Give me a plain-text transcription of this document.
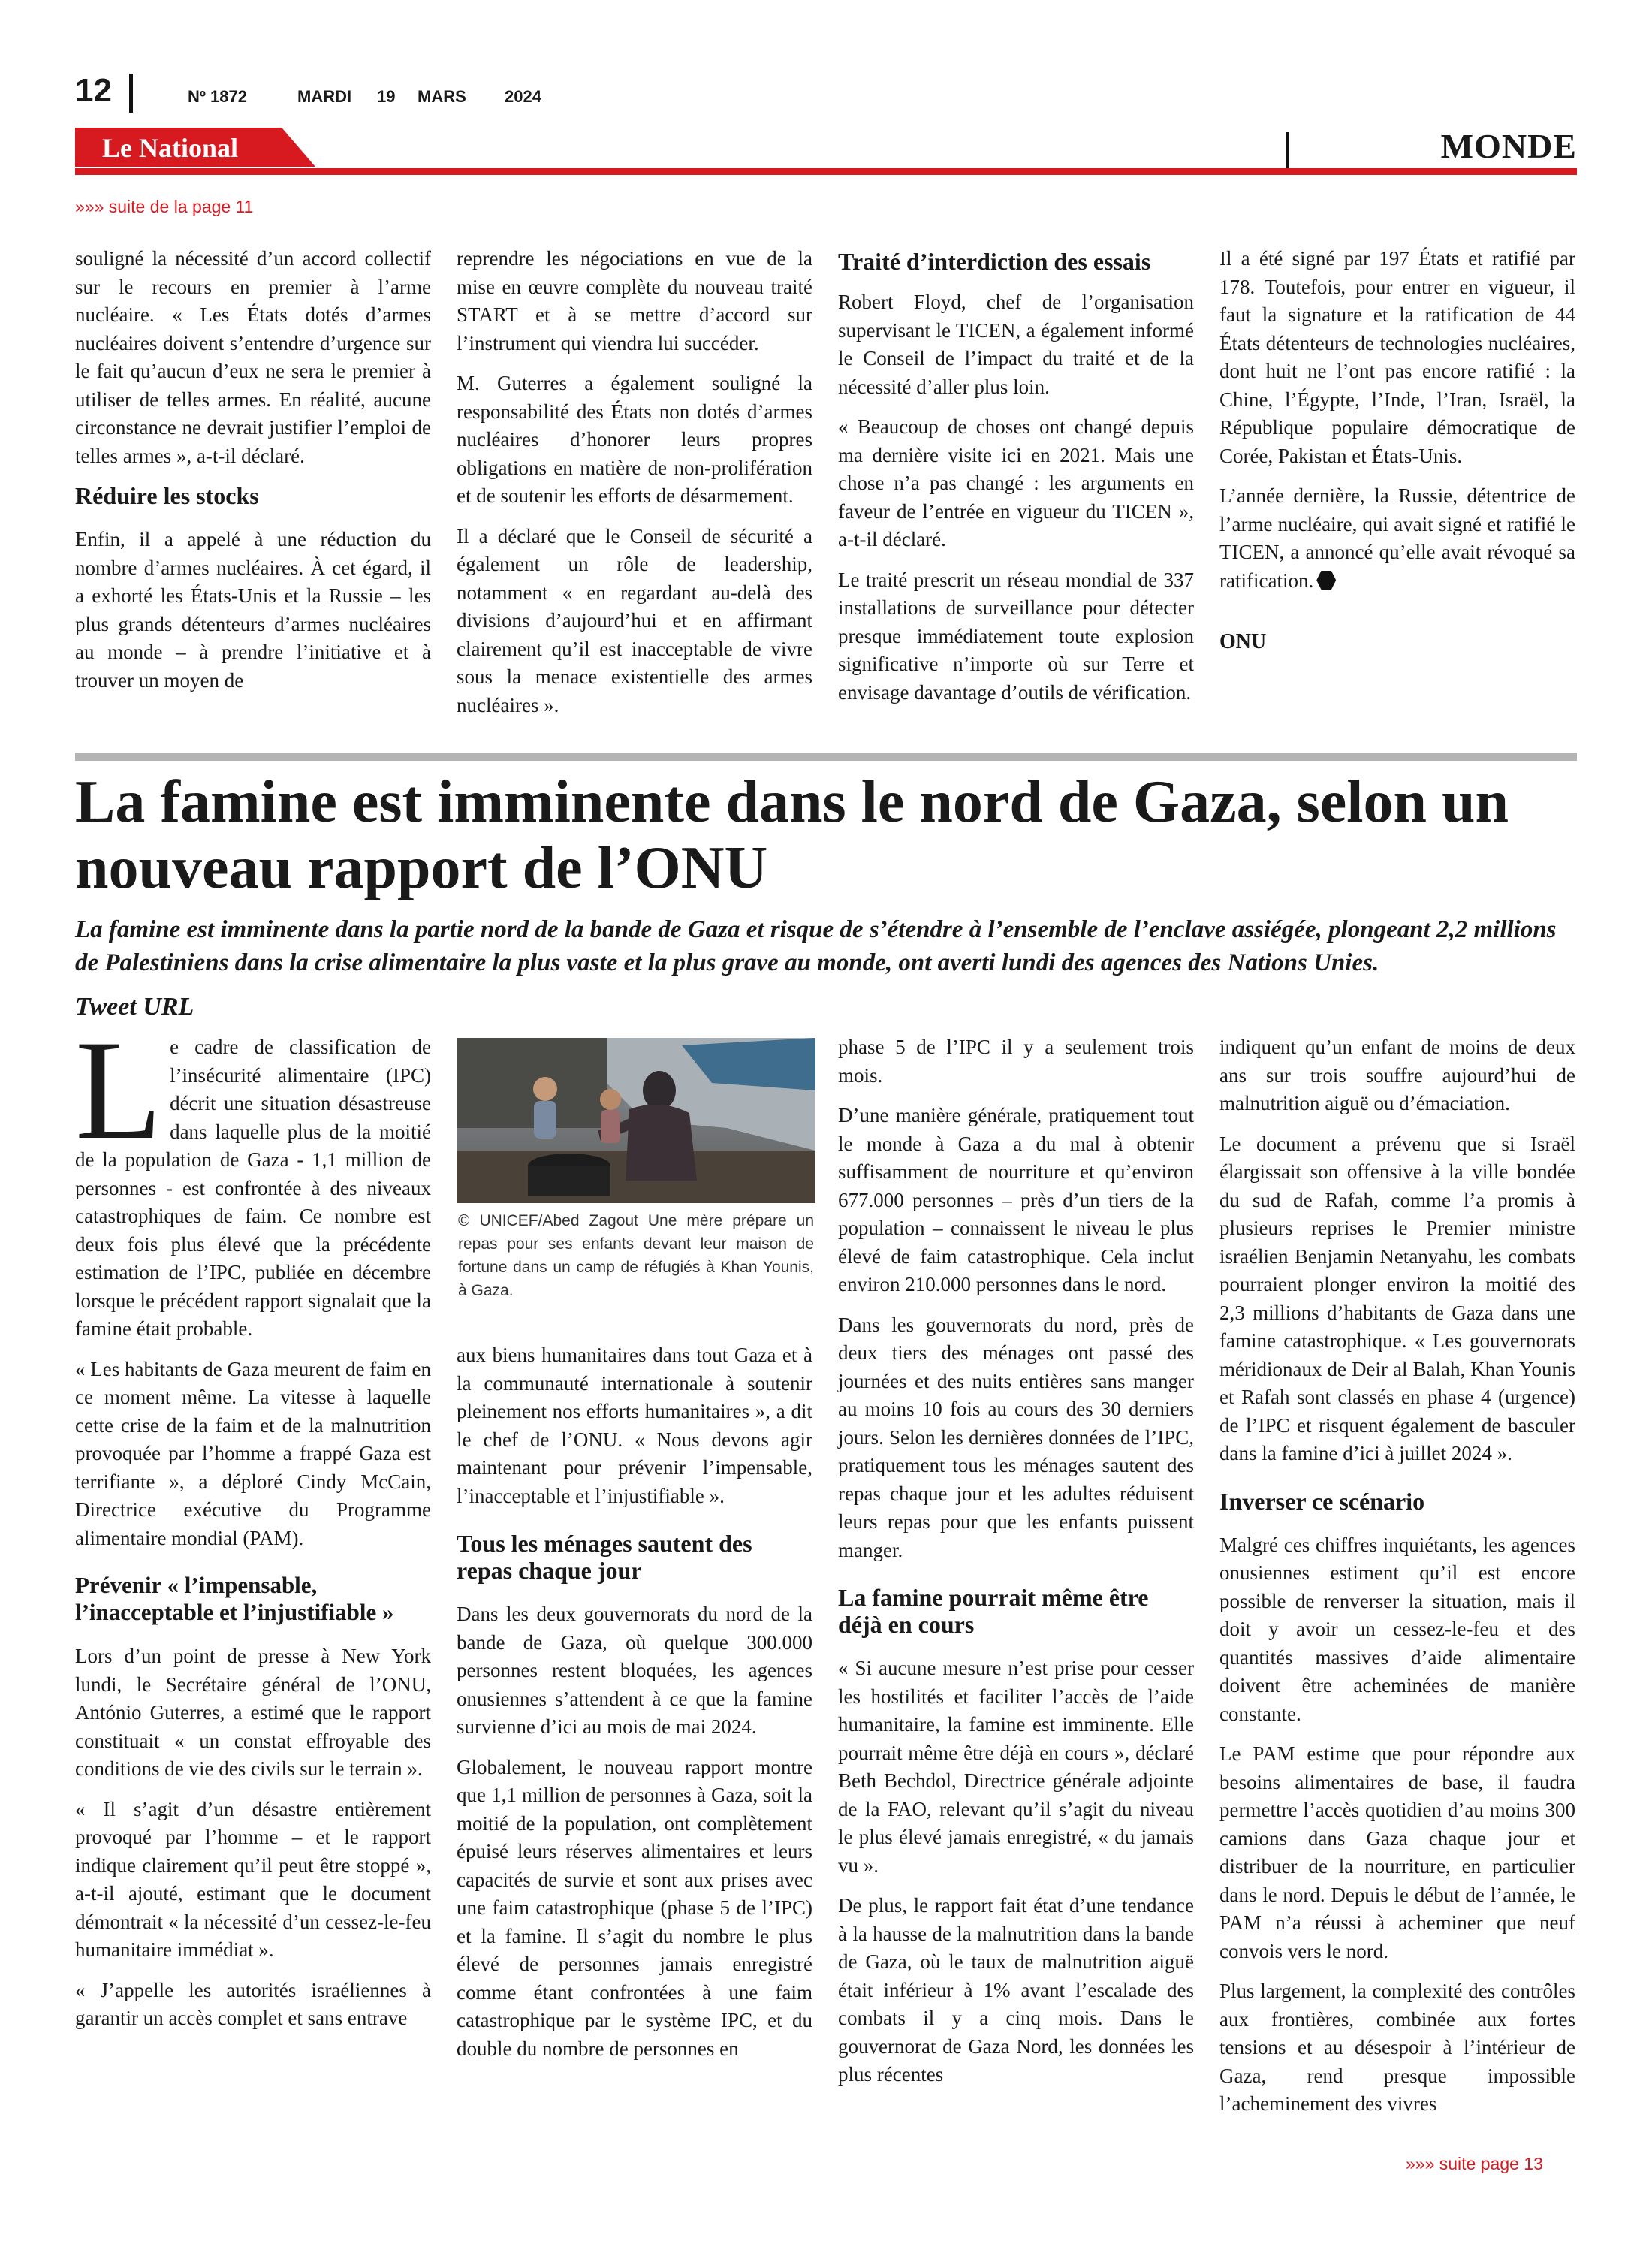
12	Nº 1872	MARDI 19 MARS 2024
Le National	MONDE
»»» suite de la page 11

souligné la nécessité d’un accord collectif sur le recours en premier à l’arme nucléaire. « Les États dotés d’armes nucléaires doivent s’entendre d’urgence sur le fait qu’aucun d’eux ne sera le premier à utiliser de telles armes. En réalité, aucune circonstance ne devrait justifier l’emploi de telles armes », a-t-il déclaré.

Réduire les stocks

Enfin, il a appelé à une réduction du nombre d’armes nucléaires. À cet égard, il a exhorté les États-Unis et la Russie – les plus grands détenteurs d’armes nucléaires au monde – à prendre l’initiative et à trouver un moyen de

reprendre les négociations en vue de la mise en œuvre complète du nouveau traité START et à se mettre d’accord sur l’instrument qui viendra lui succéder.

M. Guterres a également souligné la responsabilité des États non dotés d’armes nucléaires d’honorer leurs propres obligations en matière de non-prolifération et de soutenir les efforts de désarmement.

Il a déclaré que le Conseil de sécurité a également un rôle de leadership, notamment « en regardant au-delà des divisions d’aujourd’hui et en affirmant clairement qu’il est inacceptable de vivre sous la menace existentielle des armes nucléaires ».

Traité d’interdiction des essais

Robert Floyd, chef de l’organisation supervisant le TICEN, a également informé le Conseil de l’impact du traité et de la nécessité d’aller plus loin.

« Beaucoup de choses ont changé depuis ma dernière visite ici en 2021. Mais une chose n’a pas changé : les arguments en faveur de l’entrée en vigueur du TICEN », a-t-il déclaré.

Le traité prescrit un réseau mondial de 337 installations de surveillance pour détecter presque immédiatement toute explosion significative n’importe où sur Terre et envisage davantage d’outils de vérification.

Il a été signé par 197 États et ratifié par 178. Toutefois, pour entrer en vigueur, il faut la signature et la ratification de 44 États détenteurs de technologies nucléaires, dont huit ne l’ont pas encore ratifié : la Chine, l’Égypte, l’Inde, l’Iran, Israël, la République populaire démocratique de Corée, Pakistan et États-Unis.

L’année dernière, la Russie, détentrice de l’arme nucléaire, qui avait signé et ratifié le TICEN, a annoncé qu’elle avait révoqué sa ratification.

ONU

La famine est imminente dans le nord de Gaza, selon un nouveau rapport de l’ONU
La famine est imminente dans la partie nord de la bande de Gaza et risque de s’étendre à l’ensemble de l’enclave assiégée, plongeant 2,2 millions de Palestiniens dans la crise alimentaire la plus vaste et la plus grave au monde, ont averti lundi des agences des Nations Unies.
Tweet URL

Le cadre de classification de l’insécurité alimentaire (IPC) décrit une situation désastreuse dans laquelle plus de la moitié de la population de Gaza - 1,1 million de personnes - est confrontée à des niveaux catastrophiques de faim. Ce nombre est deux fois plus élevé que la précédente estimation de l’IPC, publiée en décembre lorsque le précédent rapport signalait que la famine était probable.

« Les habitants de Gaza meurent de faim en ce moment même. La vitesse à laquelle cette crise de la faim et de la malnutrition provoquée par l’homme a frappé Gaza est terrifiante », a déploré Cindy McCain, Directrice exécutive du Programme alimentaire mondial (PAM).

Prévenir « l’impensable, l’inacceptable et l’injustifiable »

Lors d’un point de presse à New York lundi, le Secrétaire général de l’ONU, António Guterres, a estimé que le rapport constituait « un constat effroyable des conditions de vie des civils sur le terrain ».

« Il s’agit d’un désastre entièrement provoqué par l’homme – et le rapport indique clairement qu’il peut être stoppé », a-t-il ajouté, estimant que le document démontrait « la nécessité d’un cessez-le-feu humanitaire immédiat ».

« J’appelle les autorités israéliennes à garantir un accès complet et sans entrave

© UNICEF/Abed Zagout Une mère prépare un repas pour ses enfants devant leur maison de fortune dans un camp de réfugiés à Khan Younis, à Gaza.

aux biens humanitaires dans tout Gaza et à la communauté internationale à soutenir pleinement nos efforts humanitaires », a dit le chef de l’ONU. « Nous devons agir maintenant pour prévenir l’impensable, l’inacceptable et l’injustifiable ».

Tous les ménages sautent des repas chaque jour

Dans les deux gouvernorats du nord de la bande de Gaza, où quelque 300.000 personnes restent bloquées, les agences onusiennes s’attendent à ce que la famine survienne d’ici au mois de mai 2024.

Globalement, le nouveau rapport montre que 1,1 million de personnes à Gaza, soit la moitié de la population, ont complètement épuisé leurs réserves alimentaires et leurs capacités de survie et sont aux prises avec une faim catastrophique (phase 5 de l’IPC) et la famine. Il s’agit du nombre le plus élevé de personnes jamais enregistré comme étant confrontées à une faim catastrophique par le système IPC, et du double du nombre de personnes en

phase 5 de l’IPC il y a seulement trois mois.

D’une manière générale, pratiquement tout le monde à Gaza a du mal à obtenir suffisamment de nourriture et qu’environ 677.000 personnes – près d’un tiers de la population – connaissent le niveau le plus élevé de faim catastrophique. Cela inclut environ 210.000 personnes dans le nord.

Dans les gouvernorats du nord, près de deux tiers des ménages ont passé des journées et des nuits entières sans manger au moins 10 fois au cours des 30 derniers jours. Selon les dernières données de l’IPC, pratiquement tous les ménages sautent des repas chaque jour et les adultes réduisent leurs repas pour que les enfants puissent manger.

La famine pourrait même être déjà en cours

« Si aucune mesure n’est prise pour cesser les hostilités et faciliter l’accès de l’aide humanitaire, la famine est imminente. Elle pourrait même être déjà en cours », déclaré Beth Bechdol, Directrice générale adjointe de la FAO, relevant qu’il s’agit du niveau le plus élevé jamais enregistré, « du jamais vu ».

De plus, le rapport fait état d’une tendance à la hausse de la malnutrition dans la bande de Gaza, où le taux de malnutrition aiguë était inférieur à 1% avant l’escalade des combats il y a cinq mois. Dans le gouvernorat de Gaza Nord, les données les plus récentes

indiquent qu’un enfant de moins de deux ans sur trois souffre aujourd’hui de malnutrition aiguë ou d’émaciation.

Le document a prévenu que si Israël élargissait son offensive à la ville bondée du sud de Rafah, comme l’a promis à plusieurs reprises le Premier ministre israélien Benjamin Netanyahu, les combats pourraient plonger environ la moitié des 2,3 millions d’habitants de Gaza dans une famine catastrophique. « Les gouvernorats méridionaux de Deir al Balah, Khan Younis et Rafah sont classés en phase 4 (urgence) de l’IPC et risquent également de basculer dans la famine d’ici à juillet 2024 ».

Inverser ce scénario

Malgré ces chiffres inquiétants, les agences onusiennes estiment qu’il est encore possible de renverser la situation, mais il doit y avoir un cessez-le-feu et des quantités massives d’aide alimentaire doivent être acheminées de manière constante.

Le PAM estime que pour répondre aux besoins alimentaires de base, il faudra permettre l’accès quotidien d’au moins 300 camions dans Gaza chaque jour et distribuer de la nourriture, en particulier dans le nord. Depuis le début de l’année, le PAM n’a réussi à acheminer que neuf convois vers le nord.

Plus largement, la complexité des contrôles aux frontières, combinée aux fortes tensions et au désespoir à l’intérieur de Gaza, rend presque impossible l’acheminement des vivres

»»» suite page 13
